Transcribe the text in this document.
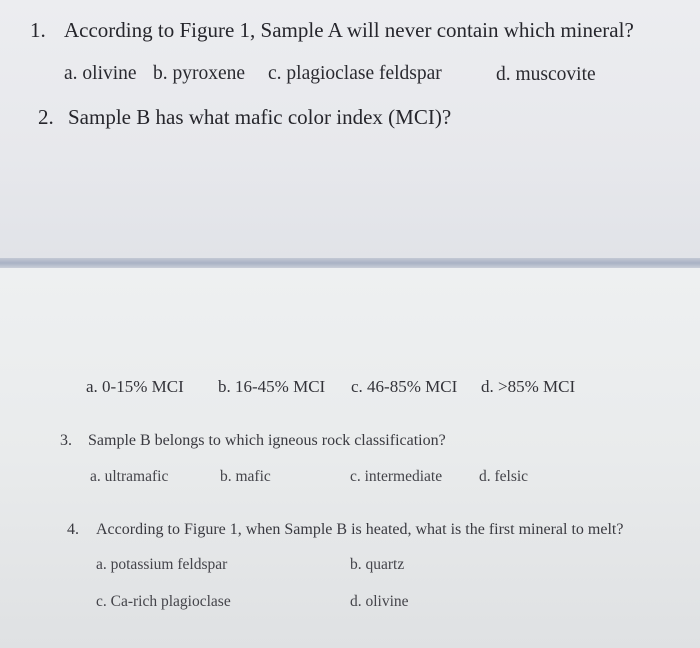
1. According to Figure 1, Sample A will never contain which mineral?
a. olivine b. pyroxene c. plagioclase feldspar	d. muscovite
2. Sample B has what mafic color index (MCI)?
a. 0-15% MCI b. 16-45% MCI c. 46-85% MCI d. >85% MCI
3. Sample B belongs to which igneous rock classification?
a. ultramafic	b. mafic	c. intermediate d. felsic
4. According to Figure 1, when Sample B is heated, what is the first mineral to melt?
a. potassium feldspar	b. quartz
c. Ca-rich plagioclase	d. olivine
